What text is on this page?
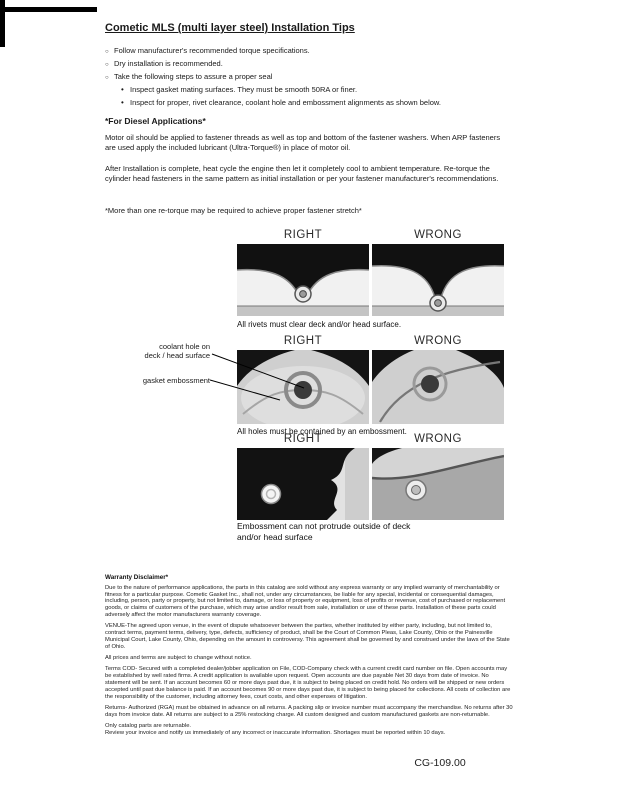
Cometic MLS (multi layer steel) Installation Tips
○
Follow manufacturer's recommended torque specifications.
○
Dry installation is recommended.
○
Take the following steps to assure a proper seal
•
Inspect gasket mating surfaces. They must be smooth 50RA or finer.
•
Inspect for proper, rivet clearance, coolant hole and embossment alignments as shown below.
*For Diesel Applications*
Motor oil should be applied to fastener threads as well as top and bottom of the fastener washers. When ARP fasteners are used apply the included lubricant (Ultra-Torque®) in place of motor oil.
After Installation is complete, heat cycle the engine then let it completely cool to ambient temperature. Re-torque the cylinder head fasteners in the same pattern as initial installation or per your fastener manufacturer's recommendations.
*More than one re-torque may be required to achieve proper fastener stretch*
RIGHT	WRONG
All rivets must clear deck and/or head surface.
RIGHT	WRONG
coolant hole on
deck / head surface
gasket embossment
All holes must be contained by an embossment.
RIGHT	WRONG
Embossment can not protrude outside of deck
and/or head surface
Warranty Disclaimer*

Due to the nature of performance applications, the parts in this catalog are sold without any express warranty or any implied warranty of merchantability or fitness for a particular purpose. Cometic Gasket Inc., shall not, under any circumstances, be liable for any special, incidental or consequential damages, including, person, party or property, but not limited to, damage, or loss of property or equipment, loss of profits or revenue, cost of purchased or replacement goods, or claims of customers of the purchase, which may arise and/or result from sale, installation or use of these parts. Installation of these parts could adversely affect the motor manufacturers warranty coverage.

VENUE-The agreed upon venue, in the event of dispute whatsoever between the parties, whether instituted by either party, including, but not limited to, contract terms, payment terms, delivery, type, defects, sufficiency of product, shall be the Court of Common Pleas, Lake County, Ohio or the Painesville Municipal Court, Lake County, Ohio, depending on the amount in controversy. This agreement shall be governed by and construed under the laws of the State of Ohio.

All prices and terms are subject to change without notice.

Terms COD- Secured with a completed dealer/jobber application on File, COD-Company check with a current credit card number on file. Open accounts may be established by well rated firms. A credit application is available upon request. Open accounts are due payable Net 30 days from date of invoice. No statement will be sent. If an account becomes 60 or more days past due, it is subject to being placed on credit hold. No orders will be shipped or new orders accepted until past due balance is paid. If an account becomes 90 or more days past due, it is subject to being placed for collections. All costs of collection are the responsibility of the customer, including attorney fees, court costs, and other expenses of litigation.

Returns- Authorized (RGA) must be obtained in advance on all returns. A packing slip or invoice number must accompany the merchandise. No returns after 30 days from invoice date. All returns are subject to a 25% restocking charge. All custom designed and custom manufactured gaskets are non-returnable.

Only catalog parts are returnable.

Review your invoice and notify us immediately of any incorrect or inaccurate information. Shortages must be reported within 10 days.

CG-109.00
